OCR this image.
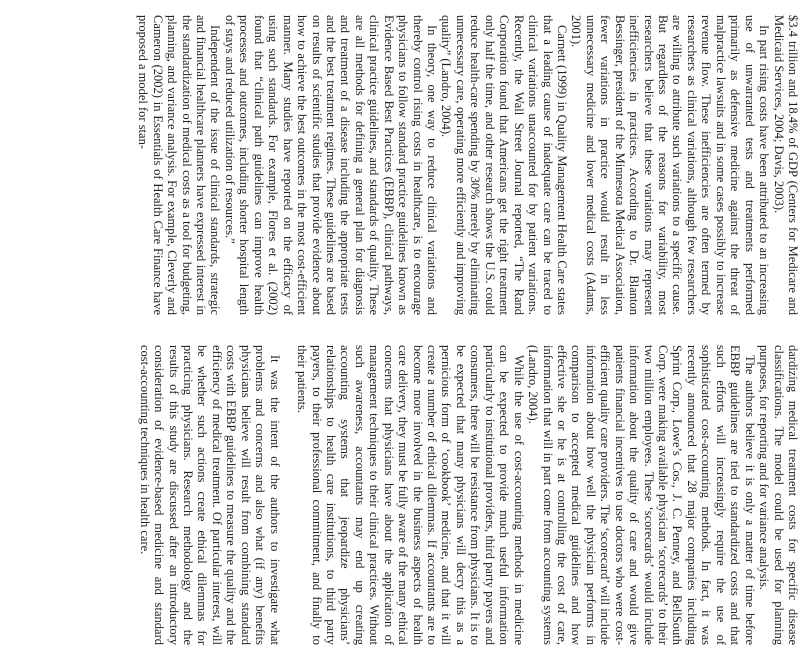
$3.4 trillion and 18.4% of GDP (Centers for Medicare and Medicaid Services, 2004; Davis, 2003).

In part rising costs have been attributed to an increasing use of unwarranted tests and treatments performed primarily as defensive medicine against the threat of malpractice lawsuits and in some cases possibly to increase revenue flow. These inefficiencies are often termed by researchers as clinical variations, although few researchers are willing to attribute such variations to a specific cause. But regardless of the reasons for variability, most researchers believe that these variations may represent inefficiencies in practices. According to Dr. Blanton Bessinger, president of the Minnesota Medical Association, fewer variations in practice would result in less unnecessary medicine and lower medical costs (Adams, 2001).

Carnett (1999) in Quality Management Health Care states that a leading cause of inadequate care can be traced to clinical variations unaccounted for by patient variations. Recently, the Wall Street Journal reported, “The Rand Corporation found that Americans get the right treatment only half the time, and other research shows the U.S. could reduce health-care spending by 30% merely by eliminating unnecessary care, operating more efficiently and improving quality” (Landro, 2004).

In theory, one way to reduce clinical variations and thereby control rising costs in healthcare, is to encourage physicians to follow standard practice guidelines known as Evidence Based Best Practices (EBBP), clinical pathways, clinical practice guidelines, and standards of quality. These are all methods for defining a general plan for diagnosis and treatment of a disease including the appropriate tests and the best treatment regimes. These guidelines are based on results of scientific studies that provide evidence about how to achieve the best outcomes in the most cost-efficient manner. Many studies have reported on the efficacy of using such standards. For example, Flores et al. (2002) found that “clinical path guidelines can improve health processes and outcomes, including shorter hospital length of stays and reduced utilization of resources.”

Independent of the issue of clinical standards, strategic and financial healthcare planners have expressed interest in the standardization of medical costs as a tool for budgeting, planning, and variance analysis. For example, Cleverly and Cameron (2002) in Essentials of Health Care Finance have proposed a model for stan-

dardizing medical treatment costs for specific disease classifications. The model could be used for planning purposes, for reporting and for variance analysis.

The authors believe it is only a matter of time before EBBP guidelines are tied to standardized costs and that such efforts will increasingly require the use of sophisticated cost-accounting methods. In fact, it was recently announced that 28 major companies including Sprint Corp., Lowe’s Cos., J. C. Penney, and BellSouth Corp. were making available physician ‘scorecards’ to their two million employees. These ‘scorecards’ would include information about the quality of care and would give patients financial incentives to use doctors who were cost-efficient quality care providers. The ‘scorecard’ will include information about how well the physician performs in comparison to accepted medical guidelines and how effective she or he is at controlling the cost of care, information that will in part come from accounting systems (Landro, 2004).

While the use of cost-accounting methods in medicine can be expected to provide much useful information particularly to institutional providers, third party payers and consumers, there will be resistance from physicians. It is to be expected that many physicians will decry this as a pernicious form of ‘cookbook’ medicine, and that it will create a number of ethical dilemmas. If accountants are to become more involved in the business aspects of health care delivery, they must be fully aware of the many ethical concerns that physicians have about the application of management techniques to their clinical practices. Without such awareness, accountants may end up creating accounting systems that jeopardize physicians’ relationships to health care institutions, to third party payers, to their professional commitment, and finally to their patients.

It was the intent of the authors to investigate what problems and concerns and also what (if any) benefits physicians believe will result from combining standard costs with EBBP guidelines to measure the quality and the efficiency of medical treatment. Of particular interest, will be whether such actions create ethical dilemmas for practicing physicians. Research methodology and the results of this study are discussed after an introductory consideration of evidence-based medicine and standard cost-accounting techniques in health care.
